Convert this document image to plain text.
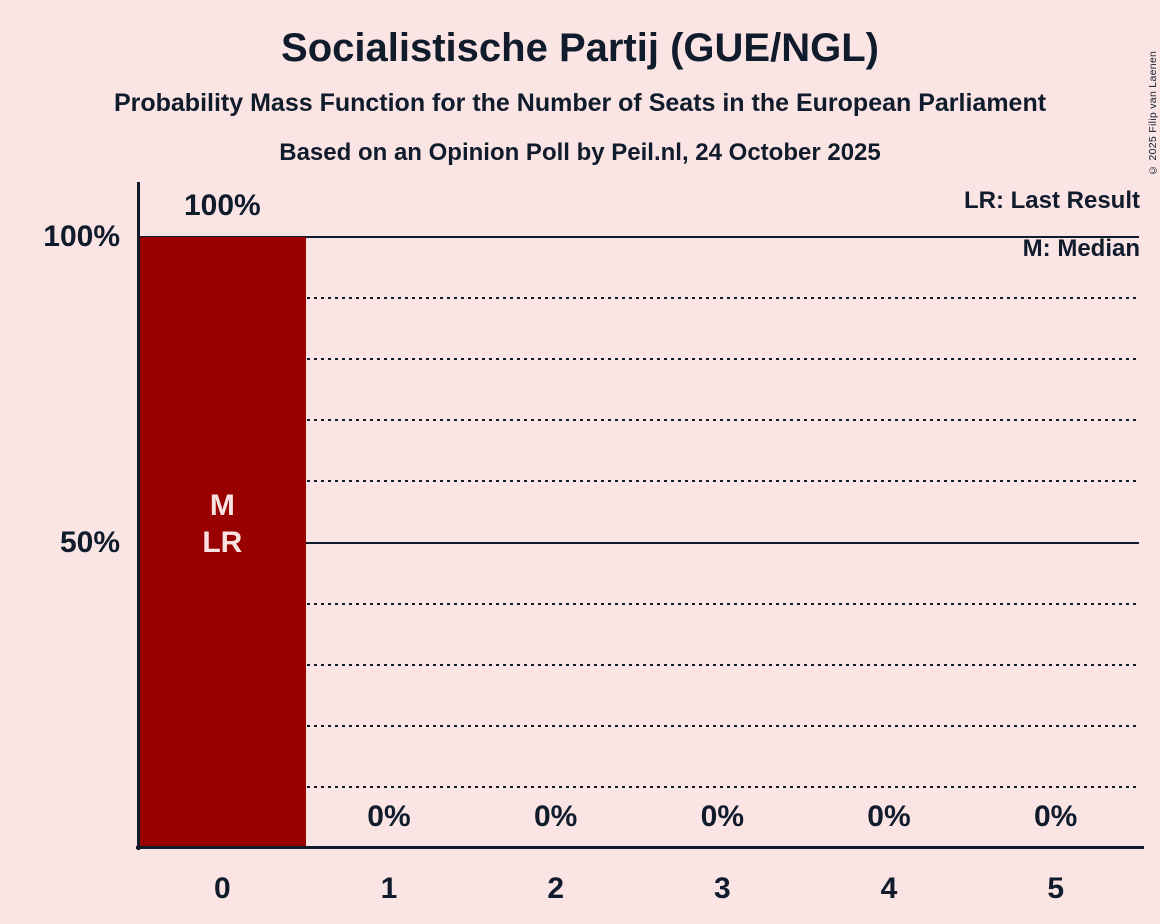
Socialistische Partij (GUE/NGL)
Probability Mass Function for the Number of Seats in the European Parliament
Based on an Opinion Poll by Peil.nl, 24 October 2025	© 2025 Filip van Laenen
LR: Last Result
M: Median
100%
50%
100%
0
M
LR
0%
1
0%
2
0%
3
0%
4
0%
5
